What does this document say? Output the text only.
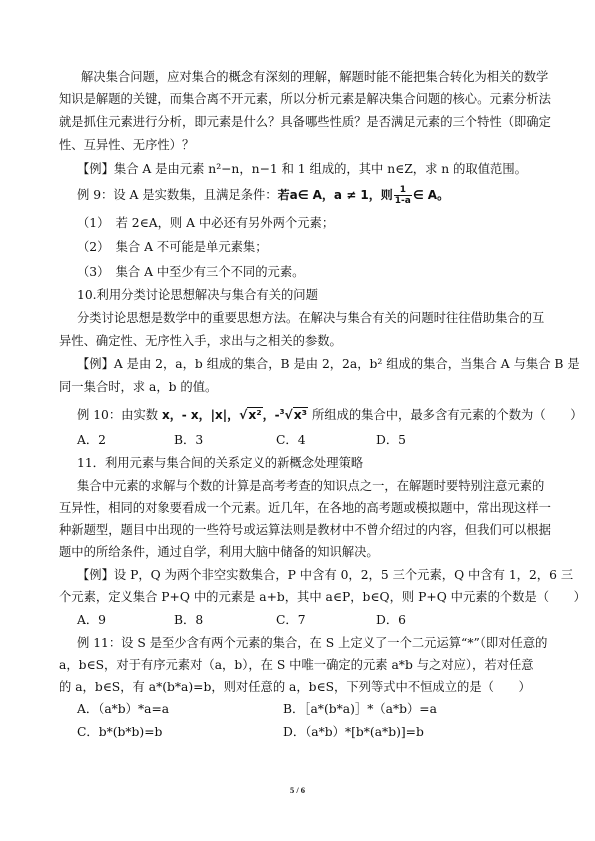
解决集合问题，应对集合的概念有深刻的理解，解题时能不能把集合转化为相关的数学
知识是解题的关键，而集合离不开元素，所以分析元素是解决集合问题的核心。元素分析法
就是抓住元素进行分析，即元素是什么？具备哪些性质？是否满足元素的三个特性（即确定
性、互异性、无序性）？
【例】集合 A 是由元素 n²−n，n−1 和 1 组成的，其中 n∈Z，求 n 的取值范围。
例 9：设 A 是实数集，且满足条件：若a∈ A，a ≠ 1，则 $\frac{1}{1-a}$ ∈ A。
（1）　若 2∈A，则 A 中必还有另外两个元素；
（2）　集合 A 不可能是单元素集；
（3）　集合 A 中至少有三个不同的元素。
10.利用分类讨论思想解决与集合有关的问题
分类讨论思想是数学中的重要思想方法。在解决与集合有关的问题时往往借助集合的互
异性、确定性、无序性入手，求出与之相关的参数。
【例】A 是由 2，a，b 组成的集合，B 是由 2，2a，b² 组成的集合，当集合 A 与集合 B 是
同一集合时，求 a，b 的值。
例 10：由实数 x，- x，|x|，√x²，-$^3$√x³ 所组成的集合中，最多含有元素的个数为（　　）
A．2	B．3	C．4	D．5
11．利用元素与集合间的关系定义的新概念处理策略
集合中元素的求解与个数的计算是高考考查的知识点之一，在解题时要特别注意元素的
互异性，相同的对象要看成一个元素。近几年，在各地的高考题或模拟题中，常出现这样一
种新题型，题目中出现的一些符号或运算法则是教材中不曾介绍过的内容，但我们可以根据
题中的所给条件，通过自学，利用大脑中储备的知识解决。
【例】设 P，Q 为两个非空实数集合，P 中含有 0，2，5 三个元素，Q 中含有 1，2，6 三
个元素，定义集合 P+Q 中的元素是 a+b，其中 a∈P，b∈Q，则 P+Q 中元素的个数是（　　）
A．9	B．8	C．7	D．6
例 11：设 S 是至少含有两个元素的集合，在 S 上定义了一个二元运算“*”（即对任意的
a，b∈S，对于有序元素对（a，b），在 S 中唯一确定的元素 a*b 与之对应），若对任意
的 a，b∈S，有 a*(b*a)=b，则对任意的 a，b∈S，下列等式中不恒成立的是（　　）
A．（a*b）*a=a	B．［a*(b*a)］*（a*b）=a
C．b*(b*b)=b	D．（a*b）*[b*(a*b)]=b
5 / 6
